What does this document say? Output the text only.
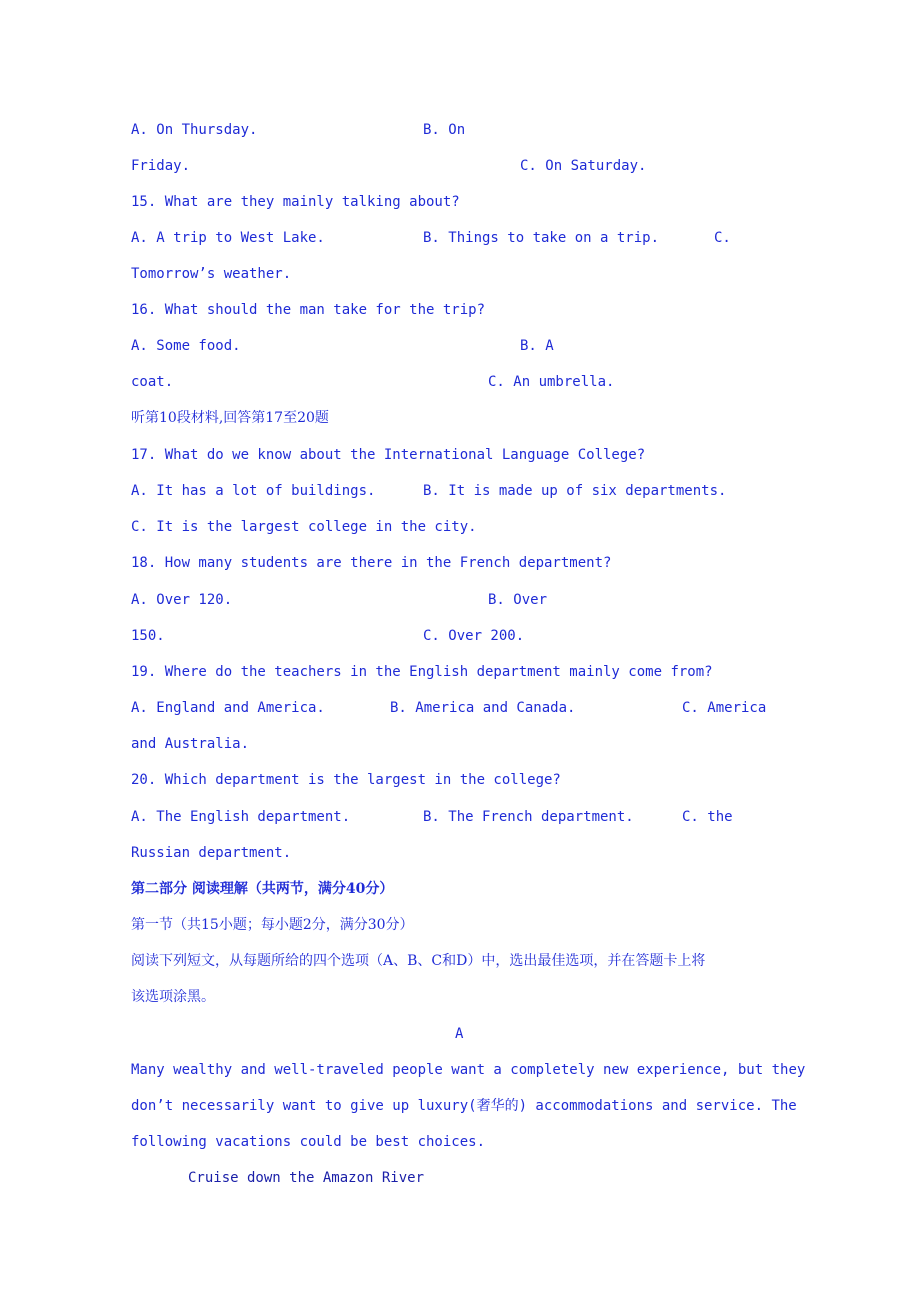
A. On Thursday.	B. On
Friday.	C. On Saturday.
15. What are they mainly talking about?
A. A trip to West Lake.	B. Things to take on a trip.	C.
Tomorrow’s weather.
16. What should the man take for the trip?
A. Some food.	B. A
coat.	C. An umbrella.
听第10段材料,回答第17至20题
17. What do we know about the International Language College?
A. It has a lot of buildings.	B. It is made up of six departments.
C. It is the largest college in the city.
18. How many students are there in the French department?
A. Over 120.	B. Over
150.	C. Over 200.
19. Where do the teachers in the English department mainly come from?
A. England and America.	B. America and Canada.	C. America
and Australia.
20. Which department is the largest in the college?
A. The English department.	B. The French department.	C. the
Russian department.
第二部分 阅读理解（共两节，满分40分）
第一节（共15小题；每小题2分，满分30分）
阅读下列短文，从每题所给的四个选项（A、B、C和D）中，选出最佳选项，并在答题卡上将
该选项涂黑。
A
Many wealthy and well-traveled people want a completely new experience, but they
don’t necessarily want to give up luxury(奢华的) accommodations and service. The
following vacations could be best choices.
Cruise down the Amazon River
